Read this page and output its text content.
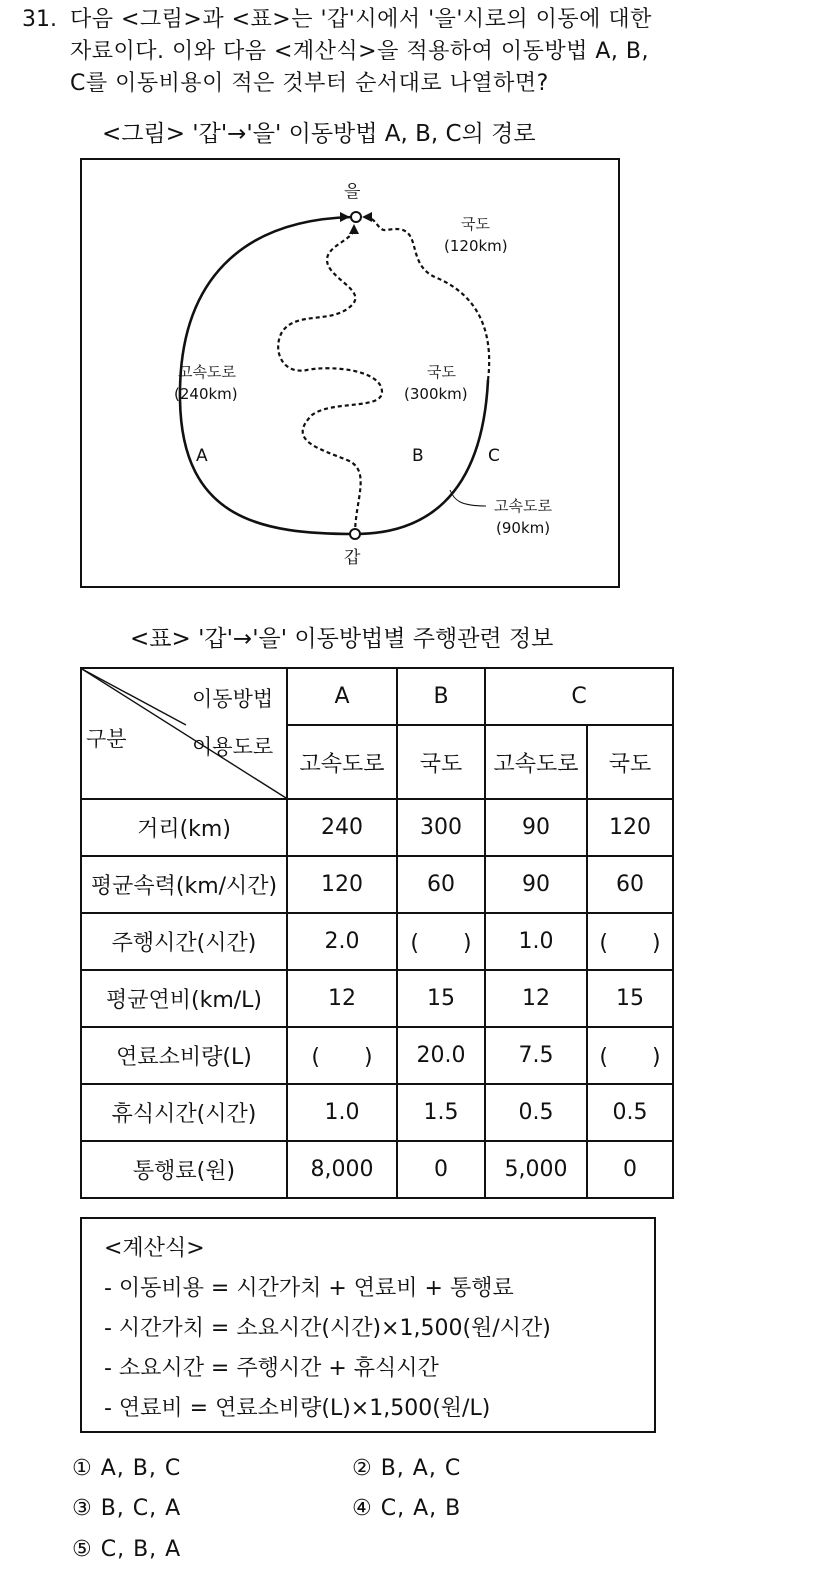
31. 다음 <그림>과 <표>는 '갑'시에서 '을'시로의 이동에 대한
자료이다. 이와 다음 <계산식>을 적용하여 이동방법 A, B,
C를 이동비용이 적은 것부터 순서대로 나열하면?
<그림> '갑'→'을' 이동방법 A, B, C의 경로
을
갑
고속도로
(240km)
A
국도
(300km)
B	C
국도
(120km)
고속도로
(90km)
<표> '갑'→'을' 이동방법별 주행관련 정보
이동방법
이용도로
구분	A	B	C	
	고속도로	국도	고속도로	국도
거리(km)	240	300	90	120
평균속력(km/시간)	120	60	90	60
주행시간(시간)	2.0	(　　)	1.0	(　　)
평균연비(km/L)	12	15	12	15
연료소비량(L)	(　　)	20.0	7.5	(　　)
휴식시간(시간)	1.0	1.5	0.5	0.5
통행료(원)	8,000	0	5,000	0
<계산식>
- 이동비용 = 시간가치 + 연료비 + 통행료
- 시간가치 = 소요시간(시간)×1,500(원/시간)
- 소요시간 = 주행시간 + 휴식시간
- 연료비 = 연료소비량(L)×1,500(원/L)
① A, B, C	② B, A, C
③ B, C, A	④ C, A, B
⑤ C, B, A
